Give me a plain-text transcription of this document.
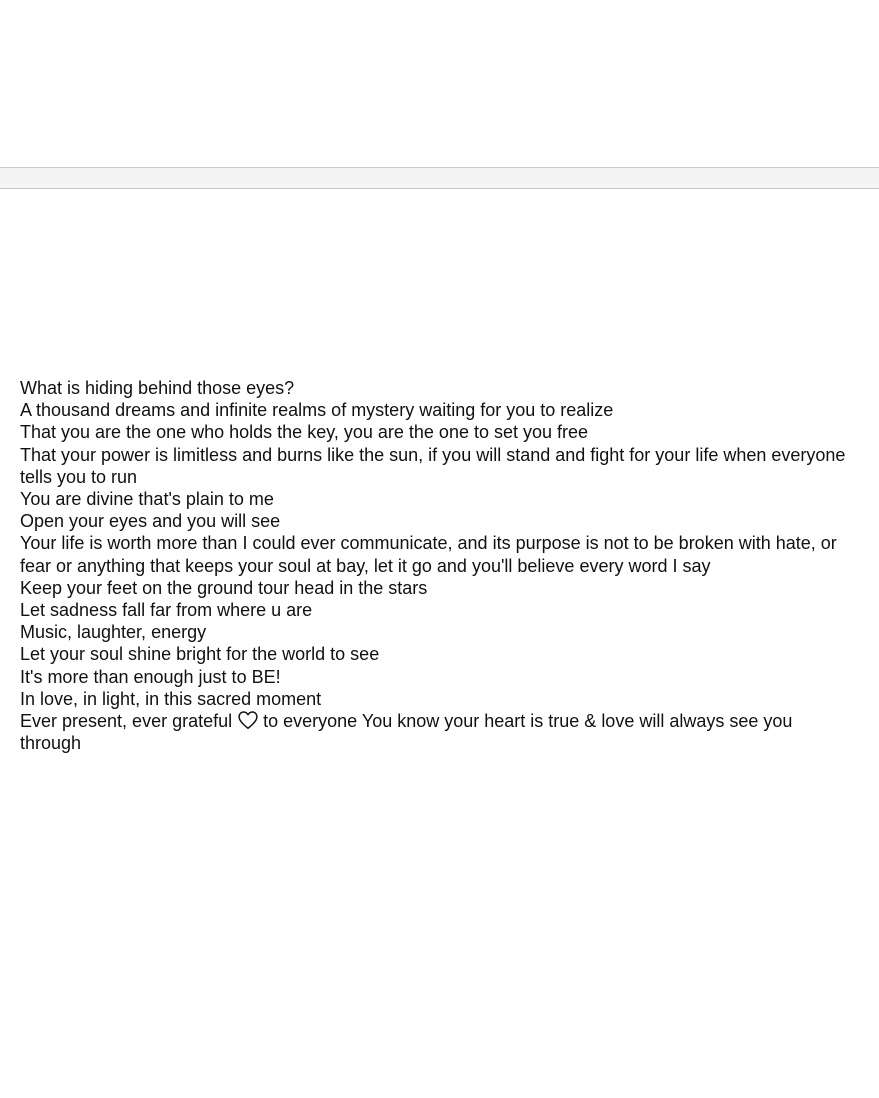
What is hiding behind those eyes?
A thousand dreams and infinite realms of mystery waiting for you to realize
That you are the one who holds the key, you are the one to set you free
That your power is limitless and burns like the sun, if you will stand and fight for your life when everyone tells you to run
You are divine that's plain to me
Open your eyes and you will see
Your life is worth more than I could ever communicate, and its purpose is not to be broken with hate, or fear or anything that keeps your soul at bay, let it go and you'll believe every word I say
Keep your feet on the ground tour head in the stars
Let sadness fall far from where u are
Music, laughter, energy
Let your soul shine bright for the world to see
It's more than enough just to BE!
In love, in light, in this sacred moment
Ever present, ever grateful to everyone You know your heart is true & love will always see you through
